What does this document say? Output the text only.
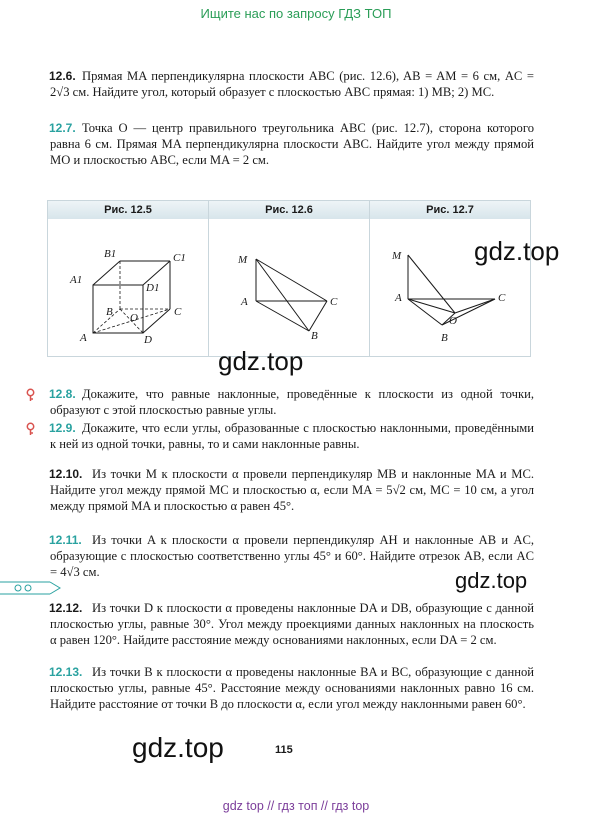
Ищите нас по запросу ГДЗ ТОП
12.6. Прямая MA перпендикулярна плоскости ABC (рис. 12.6), AB = AM = 6 см, AC = 2√3 см. Найдите угол, который образует с плоскостью ABC прямая: 1) MB; 2) MC.
12.7. Точка O — центр правильного треугольника ABC (рис. 12.7), сторона которого равна 6 см. Прямая MA перпендикулярна плоскости ABC. Найдите угол между прямой MO и плоскостью ABC, если MA = 2 см.
Рис. 12.5	Рис. 12.6	Рис. 12.7
B1	C1
A1
D1
B O	C
A	D
M
A	C
B
M
A	C
O
B
gdz.top
gdz.top
12.8. Докажите, что равные наклонные, проведённые к плоскости из одной точки, образуют с этой плоскостью равные углы.
12.9. Докажите, что если углы, образованные с плоскостью наклонными, проведёнными к ней из одной точки, равны, то и сами наклонные равны.
12.10. Из точки M к плоскости α провели перпендикуляр MB и наклонные MA и MC. Найдите угол между прямой MC и плоскостью α, если MA = 5√2 см, MC = 10 см, а угол между прямой MA и плоскостью α равен 45°.
12.11. Из точки A к плоскости α провели перпендикуляр AH и наклонные AB и AC, образующие с плоскостью соответственно углы 45° и 60°. Найдите отрезок AB, если AC = 4√3 см.	gdz.top
12.12. Из точки D к плоскости α проведены наклонные DA и DB, образующие с данной плоскостью углы, равные 30°. Угол между проекциями данных наклонных на плоскость α равен 120°. Найдите расстояние между основаниями наклонных, если DA = 2 см.
12.13. Из точки B к плоскости α проведены наклонные BA и BC, образующие с данной плоскостью углы, равные 45°. Расстояние между основаниями наклонных равно 16 см. Найдите расстояние от точки B до плоскости α, если угол между наклонными равен 60°.
gdz.top	115
gdz top // гдз топ // гдз top
